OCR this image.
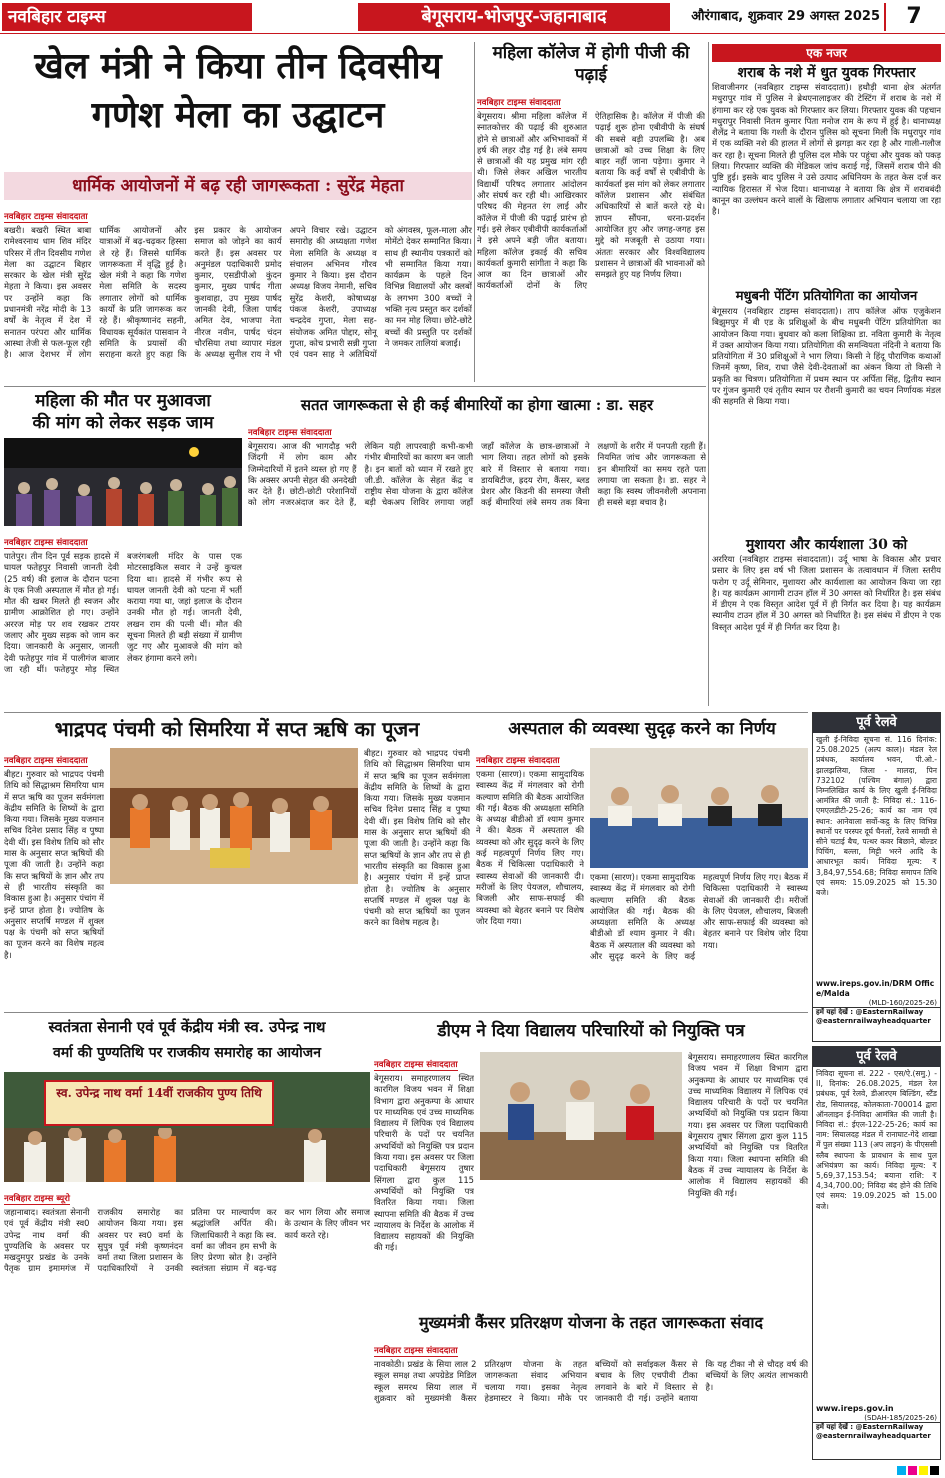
नवबिहार टाइम्स	बेगूसराय-भोजपुर-जहानाबाद	औरंगाबाद, शुक्रवार 29 अगस्त 2025	7
खेल मंत्री ने किया तीन दिवसीय
गणेश मेला का उद्घाटन
धार्मिक आयोजनों में बढ़ रही जागरूकता : सुरेंद्र मेहता
नवबिहार टाइम्स संवाददाता
बखरी। बखरी स्थित बाबा रामेश्वरनाथ धाम शिव मंदिर परिसर में तीन दिवसीय गणेश मेला का उद्घाटन बिहार सरकार के खेल मंत्री सुरेंद्र मेहता ने किया। इस अवसर पर उन्होंने कहा कि प्रधानमंत्री नरेंद्र मोदी के 13 वर्षों के नेतृत्व में देश में सनातन परंपरा और धार्मिक आस्था तेजी से फल-फूल रही है। आज देशभर में लोग धार्मिक आयोजनों और यात्राओं में बढ़-चढ़कर हिस्सा ले रहे हैं। जिससे धार्मिक जागरूकता में वृद्धि हुई है। खेल मंत्री ने कहा कि गणेश मेला समिति के सदस्य लगातार लोगों को धार्मिक कार्यों के प्रति जागरूक कर रहे हैं। श्रीकृष्णानंद सहनी, विधायक सूर्यकांत पासवान ने समिति के प्रयासों की सराहना करते हुए कहा कि इस प्रकार के आयोजन समाज को जोड़ने का कार्य करते हैं। इस अवसर पर अनुमंडल पदाधिकारी प्रमोद कुमार, एसडीपीओ कुंदन कुमार, मुख्य पार्षद गीता कुशवाहा, उप मुख्य पार्षद जानकी देवी, जिला पार्षद अमित देव, भाजपा नेता नीरज नवीन, पार्षद चंदन चौरसिया तथा व्यापार मंडल के अध्यक्ष सुनील राय ने भी अपने विचार रखे। उद्घाटन समारोह की अध्यक्षता गणेश मेला समिति के अध्यक्ष व संचालन अभिनव गौरव कुमार ने किया। इस दौरान अध्यक्ष विजय नेमानी, सचिव सुरेंद्र केशरी, कोषाध्यक्ष पंकज केशरी, उपाध्यक्ष चन्द्रदेव गुप्ता, मेला सह-संयोजक अमित पोद्दार, सोनू गुप्ता, कोच प्रभारी सन्नी गुप्ता एवं पवन साह ने अतिथियों को अंगवस्त्र, फूल-माला और मोमेंटो देकर सम्मानित किया। साथ ही स्थानीय पत्रकारों को भी सम्मानित किया गया। कार्यक्रम के पहले दिन विभिन्न विद्यालयों और क्लबों के लगभग 300 बच्चों ने भक्ति नृत्य प्रस्तुत कर दर्शकों का मन मोह लिया। छोटे-छोटे बच्चों की प्रस्तुति पर दर्शकों ने जमकर तालियां बजाईं।
महिला कॉलेज में होगी पीजी की पढ़ाई
नवबिहार टाइम्स संवाददाता
बेगूसराय। श्रीमा महिला कॉलेज में स्नातकोत्तर की पढ़ाई की शुरुआत होने से छात्राओं और अभिभावकों में हर्ष की लहर दौड़ गई है। लंबे समय से छात्राओं की यह प्रमुख मांग रही थी। जिसे लेकर अखिल भारतीय विद्यार्थी परिषद लगातार आंदोलन और संघर्ष कर रही थी। आखिरकार परिषद की मेहनत रंग लाई और कॉलेज में पीजी की पढ़ाई प्रारंभ हो गई। इसे लेकर एबीवीपी कार्यकर्ताओं ने इसे अपने बड़ी जीत बताया। महिला कॉलेज इकाई की सचिव कार्यकर्ता कुमारी सांगीता ने कहा कि आज का दिन छात्राओं और कार्यकर्ताओं दोनों के लिए ऐतिहासिक है। कॉलेज में पीजी की पढ़ाई शुरू होना एबीवीपी के संघर्ष की सबसे बड़ी उपलब्धि है। अब छात्राओं को उच्च शिक्षा के लिए बाहर नहीं जाना पड़ेगा। कुमार ने बताया कि कई वर्षों से एबीवीपी के कार्यकर्ता इस मांग को लेकर लगातार कॉलेज प्रशासन और संबंधित अधिकारियों से बातें करते रहे थे। ज्ञापन सौंपना, धरना-प्रदर्शन आयोजित हुए और जगह-जगह इस मुद्दे को मजबूती से उठाया गया। अंततः सरकार और विश्वविद्यालय प्रशासन ने छात्राओं की भावनाओं को समझते हुए यह निर्णय लिया।
एक नजर
शराब के नशे में धुत युवक गिरफ्तार
शिवाजीनगर (नवबिहार टाइम्स संवाददाता)। हथौड़ी थाना क्षेत्र अंतर्गत मधुरापुर गांव में पुलिस ने ब्रेथएनालाइजर की टेस्टिंग में शराब के नशे में हंगामा कर रहे एक युवक को गिरफ्तार कर लिया। गिरफ्तार युवक की पहचान मधुरापुर निवासी नितम कुमार पिता मनोज राम के रूप में हुई है। थानाध्यक्ष शैलेंद्र ने बताया कि गश्ती के दौरान पुलिस को सूचना मिली कि मधुरापुर गांव में एक व्यक्ति नशे की हालत में लोगों से झगड़ा कर रहा है और गाली-गलौज कर रहा है। सूचना मिलते ही पुलिस दल मौके पर पहुंचा और युवक को पकड़ लिया। गिरफ्तार व्यक्ति की मेडिकल जांच कराई गई, जिसमें शराब पीने की पुष्टि हुई। इसके बाद पुलिस ने उसे उत्पाद अधिनियम के तहत केस दर्ज कर न्यायिक हिरासत में भेज दिया। थानाध्यक्ष ने बताया कि क्षेत्र में शराबबंदी कानून का उल्लंघन करने वालों के खिलाफ लगातार अभियान चलाया जा रहा है।
मधुबनी पेंटिंग प्रतियोगिता का आयोजन
बेगूसराय (नवबिहार टाइम्स संवाददाता)। ताप कॉलेज ऑफ एजुकेशन बिझुमपुर में बी एड के प्रशिक्षुओं के बीच मधुबनी पेंटिंग प्रतियोगिता का आयोजन किया गया। बुधवार को कला शिक्षिका डा. नविता कुमारी के नेतृत्व में उक्त आयोजन किया गया। प्रतियोगिता की समन्वियता नंदिनी ने बताया कि प्रतियोगिता में 30 प्रशिक्षुओं ने भाग लिया। किसी ने हिंदू पौराणिक कथाओं जिनमें कृष्ण, शिव, राधा जैसे देवी-देवताओं का अंकन किया तो किसी ने प्रकृति का चित्रण। प्रतियोगिता में प्रथम स्थान पर अर्पिता सिंह, द्वितीय स्थान पर गुंजन कुमारी एवं तृतीय स्थान पर रौशनी कुमारी का चयन निर्णायक मंडल की सहमति से किया गया।
मुशायरा और कार्यशाला 30 को
अररिया (नवबिहार टाइम्स संवाददाता)। उर्दू भाषा के विकास और प्रचार प्रसार के लिए इस वर्ष भी जिला प्रशासन के तत्वावधान में जिला स्तरीय फरोग ए उर्दू सेमिनार, मुशायरा और कार्यशाला का आयोजन किया जा रहा है। यह कार्यक्रम आगामी टाउन हॉल में 30 अगस्त को निर्धारित है। इस संबंध में डीएम ने एक विस्तृत आदेश पूर्व में ही निर्गत कर दिया है। यह कार्यक्रम स्थानीय टाउन हॉल में 30 अगस्त को निर्धारित है। इस संबंध में डीएम ने एक विस्तृत आदेश पूर्व में ही निर्गत कर दिया है।
महिला की मौत पर मुआवजा
की मांग को लेकर सड़क जाम
नवबिहार टाइम्स संवाददाता
पातेपुर। तीन दिन पूर्व सड़क हादसे में घायल फतेहपुर निवासी जानती देवी (25 वर्ष) की इलाज के दौरान पटना के एक निजी अस्पताल में मौत हो गई। मौत की खबर मिलते ही स्वजन और ग्रामीण आक्रोशित हो गए। उन्होंने अररज मोड़ पर शव रखकर टायर जलाए और मुख्य सड़क को जाम कर दिया। जानकारी के अनुसार, जानती देवी फतेहपुर गांव में पालीगंज बाजार जा रही थीं। फतेहपुर मोड़ स्थित बजरंगबली मंदिर के पास एक मोटरसाइकिल सवार ने उन्हें कुचल दिया था। हादसे में गंभीर रूप से घायल जानती देवी को पटना में भर्ती कराया गया था, जहां इलाज के दौरान उनकी मौत हो गई। जानती देवी, लखन राम की पत्नी थीं। मौत की सूचना मिलते ही बड़ी संख्या में ग्रामीण जुट गए और मुआवजे की मांग को लेकर हंगामा करने लगे।
सतत जागरूकता से ही कई बीमारियों का होगा खात्मा : डा. सहर
नवबिहार टाइम्स संवाददाता
बेगूसराय। आज की भागदौड़ भरी जिंदगी में लोग काम और जिम्मेदारियों में इतने व्यस्त हो गए हैं कि अक्सर अपनी सेहत की अनदेखी कर देते हैं। छोटी-छोटी परेशानियों को लोग नजरअंदाज कर देते हैं, लेकिन यही लापरवाही कभी-कभी गंभीर बीमारियों का कारण बन जाती है। इन बातों को ध्यान में रखते हुए जी.डी. कॉलेज के सेहत केंद्र व राष्ट्रीय सेवा योजना के द्वारा कॉलेज बड़ी चेकअप शिविर लगाया जहाँ जहाँ कॉलेज के छात्र-छात्राओं ने भाग लिया। तहत लोगों को इसके बारे में विस्तार से बताया गया। डायबिटीज, ह्रदय रोग, कैंसर, ब्लड प्रेशर और किडनी की समस्या जैसी कई बीमारियां लंबे समय तक बिना लक्षणों के शरीर में पनपती रहती हैं। नियमित जांच और जागरूकता से इन बीमारियों का समय रहते पता लगाया जा सकता है। डा. सहर ने कहा कि स्वस्थ जीवनशैली अपनाना ही सबसे बड़ा बचाव है।
पूर्व रेलवे
खुली ई-निविदा सूचना सं. 116 दिनांक: 25.08.2025 (अल्प काल)। मंडल रेल प्रबंधक, कार्यालय भवन, पी.ओ.-झालझलिया, जिला - मालदा, पिन 732102 (पश्चिम बंगाल) द्वारा निम्नलिखित कार्य के लिए खुली ई-निविदा आमंत्रित की जाती है: निविदा सं.: 116-एमएलडीटी-25-26; कार्य का नाम एवं स्थान: आनेवाला सर्वो-कट्ठ के लिए विभिन्न स्थानों पर परस्पर दूर्घ चैनलों, रेलवे सामग्री से सीने चटाई बैच, पत्थर कवर बिछाने, बोल्डर पिचिंग, बल्ला, मिट्टी भरने आदि के आधारभूत कार्य। निविदा मूल्य: ₹ 3,84,97,554.68; निविदा समापन तिथि एवं समय: 15.09.2025 को 15.30 बजे।
www.ireps.gov.in/DRM Office/Malda
(MLD-160/2025-26)
हमें यहां देखें : @EasternRailway @easternrailwayheadquarter
भाद्रपद पंचमी को सिमरिया में सप्त ऋषि का पूजन
नवबिहार टाइम्स संवाददाता
बीहट। गुरुवार को भाद्रपद पंचमी तिथि को सिद्धाश्रम सिमरिया धाम में सप्त ऋषि का पूजन सर्वमंगला केंद्रीय समिति के शिष्यों के द्वारा किया गया। जिसके मुख्य यजमान सचिव दिनेश प्रसाद सिंह व पुष्पा देवी थीं। इस विशेष तिथि को सौर मास के अनुसार सप्त ऋषियों की पूजा की जाती है। उन्होंने कहा कि सप्त ऋषियों के ज्ञान और तप से ही भारतीय संस्कृति का विकास हुआ है। अनुसार पंचांग में इन्हें प्राप्त होता है। ज्योतिष के अनुसार सप्तर्षि मण्डल में शुक्ल पक्ष के पंचमी को सप्त ऋषियों का पूजन करने का विशेष महत्व है।
बीहट। गुरुवार को भाद्रपद पंचमी तिथि को सिद्धाश्रम सिमरिया धाम में सप्त ऋषि का पूजन सर्वमंगला केंद्रीय समिति के शिष्यों के द्वारा किया गया। जिसके मुख्य यजमान सचिव दिनेश प्रसाद सिंह व पुष्पा देवी थीं। इस विशेष तिथि को सौर मास के अनुसार सप्त ऋषियों की पूजा की जाती है। उन्होंने कहा कि सप्त ऋषियों के ज्ञान और तप से ही भारतीय संस्कृति का विकास हुआ है। अनुसार पंचांग में इन्हें प्राप्त होता है। ज्योतिष के अनुसार सप्तर्षि मण्डल में शुक्ल पक्ष के पंचमी को सप्त ऋषियों का पूजन करने का विशेष महत्व है।
अस्पताल की व्यवस्था सुदृढ़ करने का निर्णय
नवबिहार टाइम्स संवाददाता
एकमा (सारण)। एकमा सामुदायिक स्वास्थ्य केंद्र में मंगलवार को रोगी कल्याण समिति की बैठक आयोजित की गई। बैठक की अध्यक्षता समिति के अध्यक्ष बीडीओ डॉ श्याम कुमार ने की। बैठक में अस्पताल की व्यवस्था को और सुदृढ़ करने के लिए कई महत्वपूर्ण निर्णय लिए गए। बैठक में चिकित्सा पदाधिकारी ने स्वास्थ्य सेवाओं की जानकारी दी। मरीजों के लिए पेयजल, शौचालय, बिजली और साफ-सफाई की व्यवस्था को बेहतर बनाने पर विशेष जोर दिया गया।
एकमा (सारण)। एकमा सामुदायिक स्वास्थ्य केंद्र में मंगलवार को रोगी कल्याण समिति की बैठक आयोजित की गई। बैठक की अध्यक्षता समिति के अध्यक्ष बीडीओ डॉ श्याम कुमार ने की। बैठक में अस्पताल की व्यवस्था को और सुदृढ़ करने के लिए कई महत्वपूर्ण निर्णय लिए गए। बैठक में चिकित्सा पदाधिकारी ने स्वास्थ्य सेवाओं की जानकारी दी। मरीजों के लिए पेयजल, शौचालय, बिजली और साफ-सफाई की व्यवस्था को बेहतर बनाने पर विशेष जोर दिया गया।
स्वतंत्रता सेनानी एवं पूर्व केंद्रीय मंत्री स्व. उपेन्द्र नाथ
वर्मा की पुण्यतिथि पर राजकीय समारोह का आयोजन
स्व. उपेन्द्र नाथ वर्मा 14वीं राजकीय पुण्य तिथि
नवबिहार टाइम्स ब्यूरो
जहानाबाद। स्वतंत्रता सेनानी एवं पूर्व केंद्रीय मंत्री स्व0 उपेन्द्र नाथ वर्मा की पुण्यतिथि के अवसर पर मखदुमपुर प्रखंड के उनके पैतृक ग्राम इमामगंज में राजकीय समारोह का आयोजन किया गया। इस अवसर पर स्व0 वर्मा के सुपुत्र पूर्व मंत्री कृष्णनंदन वर्मा तथा जिला प्रशासन के पदाधिकारियों ने उनकी प्रतिमा पर माल्यार्पण कर श्रद्धांजलि अर्पित की। जिलाधिकारी ने कहा कि स्व. वर्मा का जीवन हम सभी के लिए प्रेरणा स्रोत है। उन्होंने स्वतंत्रता संग्राम में बढ़-चढ़ कर भाग लिया और समाज के उत्थान के लिए जीवन भर कार्य करते रहे।
डीएम ने दिया विद्यालय परिचारियों को नियुक्ति पत्र
नवबिहार टाइम्स संवाददाता
बेगूसराय। समाहरणालय स्थित कारगिल विजय भवन में शिक्षा विभाग द्वारा अनुकम्पा के आधार पर माध्यमिक एवं उच्च माध्यमिक विद्यालय में लिपिक एवं विद्यालय परिचारी के पदों पर चयनित अभ्यर्थियों को नियुक्ति पत्र प्रदान किया गया। इस अवसर पर जिला पदाधिकारी बेगूसराय तुषार सिंगला द्वारा कुल 115 अभ्यर्थियों को नियुक्ति पत्र वितरित किया गया। जिला स्थापना समिति की बैठक में उच्च न्यायालय के निर्देश के आलोक में विद्यालय सहायकों की नियुक्ति की गई।
बेगूसराय। समाहरणालय स्थित कारगिल विजय भवन में शिक्षा विभाग द्वारा अनुकम्पा के आधार पर माध्यमिक एवं उच्च माध्यमिक विद्यालय में लिपिक एवं विद्यालय परिचारी के पदों पर चयनित अभ्यर्थियों को नियुक्ति पत्र प्रदान किया गया। इस अवसर पर जिला पदाधिकारी बेगूसराय तुषार सिंगला द्वारा कुल 115 अभ्यर्थियों को नियुक्ति पत्र वितरित किया गया। जिला स्थापना समिति की बैठक में उच्च न्यायालय के निर्देश के आलोक में विद्यालय सहायकों की नियुक्ति की गई।
मुख्यमंत्री कैंसर प्रतिरक्षण योजना के तहत जागरूकता संवाद
नवबिहार टाइम्स संवाददाता
नावकोठी। प्रखंड के सिया लाल 2 स्कूल समक्ष तथा अपग्रेडेड मिडिल स्कूल समरथ सिया लाल में शुक्रवार को मुख्यमंत्री कैंसर प्रतिरक्षण योजना के तहत जागरूकता संवाद अभियान चलाया गया। इसका नेतृत्व हेडमास्टर ने किया। मौके पर बच्चियों को सर्वाइकल कैंसर से बचाव के लिए एचपीवी टीका लगवाने के बारे में विस्तार से जानकारी दी गई। उन्होंने बताया कि यह टीका नौ से चौदह वर्ष की बच्चियों के लिए अत्यंत लाभकारी है।
पूर्व रेलवे
निविदा सूचना सं. 222 - एस/ऐ.(समु.) - II, दिनांक: 26.08.2025, मंडल रेल प्रबंधक, पूर्व रेलवे, डीआरएम बिल्डिंग, स्टैंड रोड, सियालदह, कोलकाता-700014 द्वारा ऑनलाइन ई-निविदा आमंत्रित की जाती है। निविदा सं.: ईएल-122-25-26; कार्य का नाम: सियालदह मंडल में रानाघाट-गेदे शाखा में पुल संख्या 113 (अप लाइन) के पीएससी स्लैब स्थापना के प्रावधान के साथ पुल अभियंत्रण का कार्य। निविदा मूल्य: ₹ 5,69,37,153.54; बयाना राशि: ₹ 4,34,700.00; निविदा बंद होने की तिथि एवं समय: 19.09.2025 को 15.00 बजे।
www.ireps.gov.in
(SDAH-185/2025-26)
हमें यहां देखें : @EasternRailway @easternrailwayheadquarter
